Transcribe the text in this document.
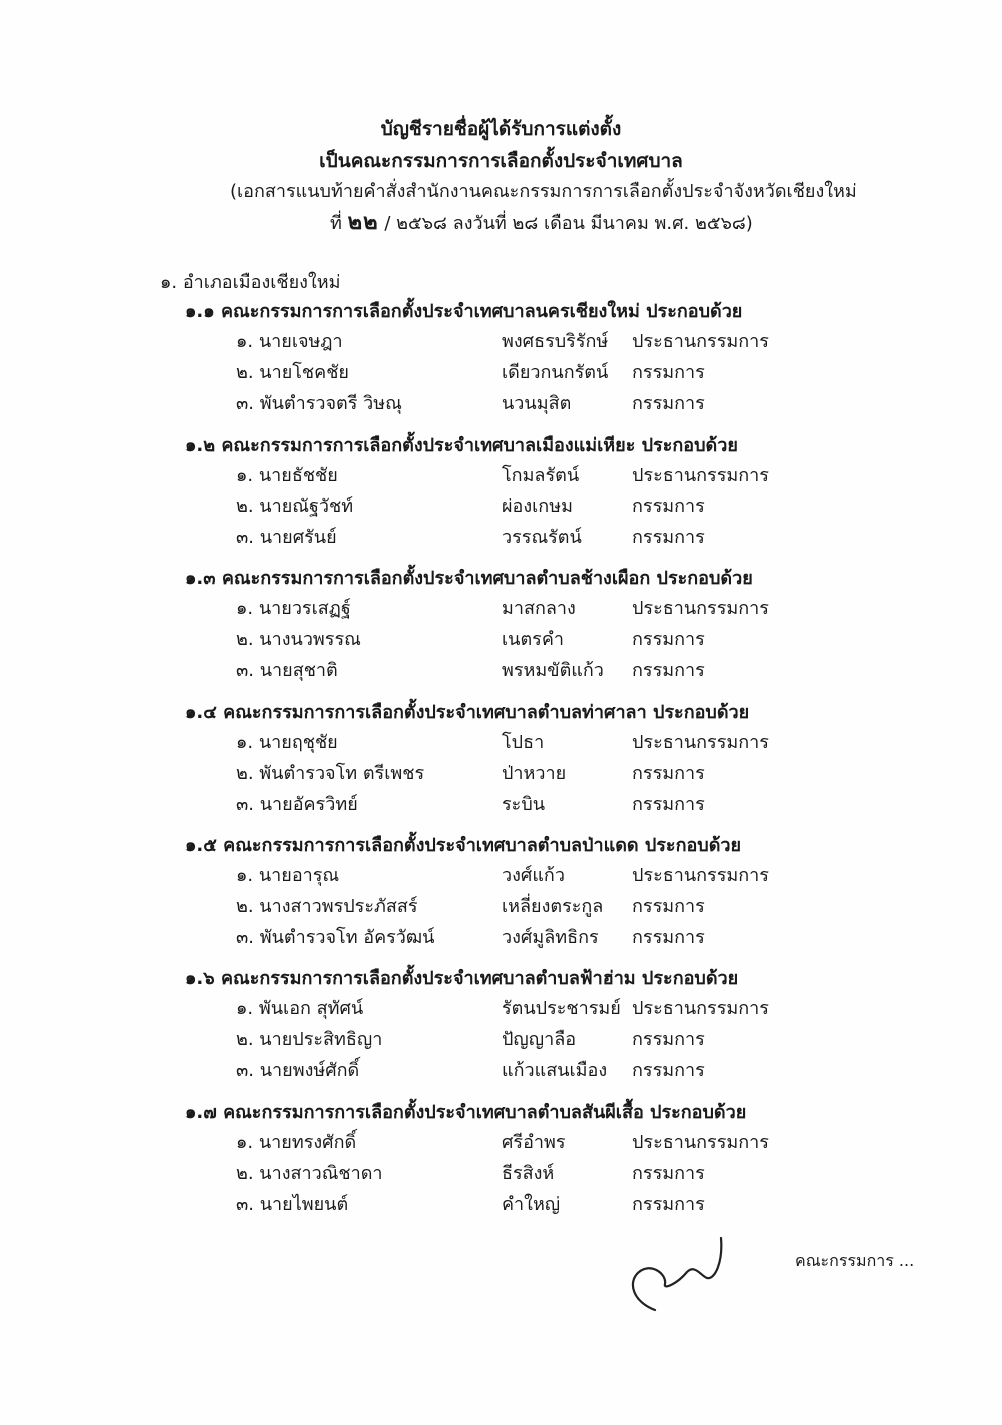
บัญชีรายชื่อผู้ได้รับการแต่งตั้ง
เป็นคณะกรรมการการเลือกตั้งประจำเทศบาล
(เอกสารแนบท้ายคำสั่งสำนักงานคณะกรรมการการเลือกตั้งประจำจังหวัดเชียงใหม่
ที่ ๒๒ / ๒๕๖๘ ลงวันที่ ๒๘ เดือน มีนาคม พ.ศ. ๒๕๖๘)
๑. อำเภอเมืองเชียงใหม่
๑.๑ คณะกรรมการการเลือกตั้งประจำเทศบาลนครเชียงใหม่ ประกอบด้วย
๑. นายเจษฎา	พงศธรบริรักษ์ ประธานกรรมการ
๒. นายโชคชัย	เดียวกนกรัตน์ กรรมการ
๓. พันตำรวจตรี วิษณุ	นวนมุสิต	กรรมการ
๑.๒ คณะกรรมการการเลือกตั้งประจำเทศบาลเมืองแม่เหียะ ประกอบด้วย
๑. นายธัชชัย	โกมลรัตน์	ประธานกรรมการ
๒. นายณัฐวัชท์	ผ่องเกษม	กรรมการ
๓. นายศรันย์	วรรณรัตน์	กรรมการ
๑.๓ คณะกรรมการการเลือกตั้งประจำเทศบาลตำบลช้างเผือก ประกอบด้วย
๑. นายวรเสฏฐ์	มาสกลาง	ประธานกรรมการ
๒. นางนวพรรณ	เนตรคำ	กรรมการ
๓. นายสุชาติ	พรหมขัติแก้ว กรรมการ
๑.๔ คณะกรรมการการเลือกตั้งประจำเทศบาลตำบลท่าศาลา ประกอบด้วย
๑. นายฤชุชัย	โปธา	ประธานกรรมการ
๒. พันตำรวจโท ตรีเพชร	ป่าหวาย	กรรมการ
๓. นายอัครวิทย์	ระบิน	กรรมการ
๑.๕ คณะกรรมการการเลือกตั้งประจำเทศบาลตำบลป่าแดด ประกอบด้วย
๑. นายอารุณ	วงศ์แก้ว	ประธานกรรมการ
๒. นางสาวพรประภัสสร์	เหลี่ยงตระกูล กรรมการ
๓. พันตำรวจโท อัครวัฒน์	วงศ์มูลิทธิกร กรรมการ
๑.๖ คณะกรรมการการเลือกตั้งประจำเทศบาลตำบลฟ้าฮ่าม ประกอบด้วย
๑. พันเอก สุทัศน์	รัตนประชารมย์ ประธานกรรมการ
๒. นายประสิทธิญา	ปัญญาลือ	กรรมการ
๓. นายพงษ์ศักดิ์	แก้วแสนเมือง กรรมการ
๑.๗ คณะกรรมการการเลือกตั้งประจำเทศบาลตำบลสันผีเสื้อ ประกอบด้วย
๑. นายทรงศักดิ์	ศรีอำพร	ประธานกรรมการ
๒. นางสาวณิชาดา	ธีรสิงห์	กรรมการ
๓. นายไพยนต์	คำใหญ่	กรรมการ
คณะกรรมการ ...
